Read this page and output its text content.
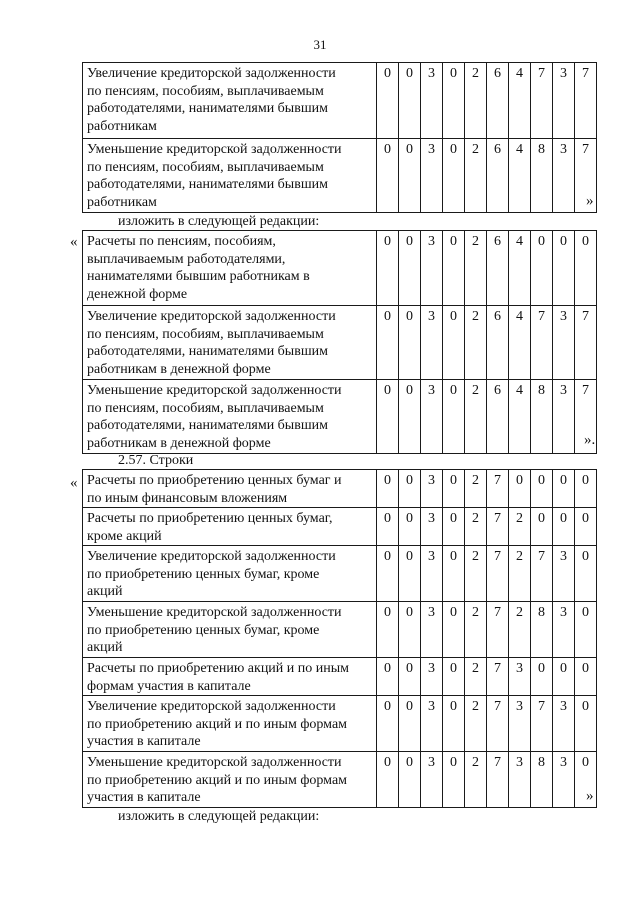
31
Увеличение кредиторской задолженности
по пенсиям, пособиям, выплачиваемым
работодателями, нанимателями бывшим
работникам	0	0	3	0	2	6	4	7	3	7
Уменьшение кредиторской задолженности
по пенсиям, пособиям, выплачиваемым
работодателями, нанимателями бывшим
работникам	0	0	3	0	2	6	4	8	3	7
»
изложить в следующей редакции:
« Расчеты по пенсиям, пособиям,
выплачиваемым работодателями,
нанимателями бывшим работникам в
денежной форме	0	0	3	0	2	6	4	0	0	0
Увеличение кредиторской задолженности
по пенсиям, пособиям, выплачиваемым
работодателями, нанимателями бывшим
работникам в денежной форме	0	0	3	0	2	6	4	7	3	7
Уменьшение кредиторской задолженности
по пенсиям, пособиям, выплачиваемым
работодателями, нанимателями бывшим
работникам в денежной форме	0	0	3	0	2	6	4	8	3	7
».
2.57. Строки
« Расчеты по приобретению ценных бумаг и
по иным финансовым вложениям	0	0	3	0	2	7	0	0	0	0
Расчеты по приобретению ценных бумаг,
кроме акций	0	0	3	0	2	7	2	0	0	0
Увеличение кредиторской задолженности
по приобретению ценных бумаг, кроме
акций	0	0	3	0	2	7	2	7	3	0
Уменьшение кредиторской задолженности
по приобретению ценных бумаг, кроме
акций	0	0	3	0	2	7	2	8	3	0
Расчеты по приобретению акций и по иным
формам участия в капитале	0	0	3	0	2	7	3	0	0	0
Увеличение кредиторской задолженности
по приобретению акций и по иным формам
участия в капитале	0	0	3	0	2	7	3	7	3	0
Уменьшение кредиторской задолженности
по приобретению акций и по иным формам
участия в капитале	0	0	3	0	2	7	3	8	3	0
»
изложить в следующей редакции:
